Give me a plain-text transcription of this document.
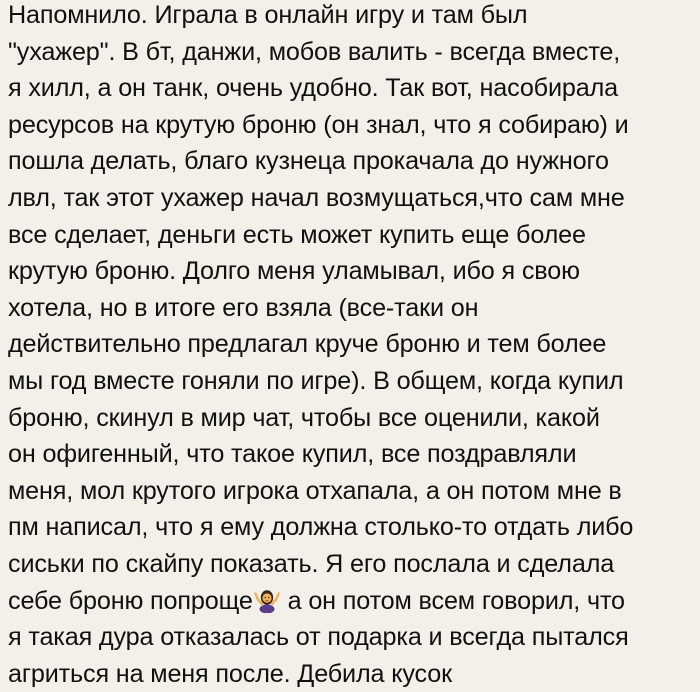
Напомнило. Играла в онлайн игру и там был
"ухажер". В бт, данжи, мобов валить - всегда вместе,
я хилл, а он танк, очень удобно. Так вот, насобирала
ресурсов на крутую броню (он знал, что я собираю) и
пошла делать, благо кузнеца прокачала до нужного
лвл, так этот ухажер начал возмущаться,что сам мне
все сделает, деньги есть может купить еще более
крутую броню. Долго меня уламывал, ибо я свою
хотела, но в итоге его взяла (все-таки он
действительно предлагал круче броню и тем более
мы год вместе гоняли по игре). В общем, когда купил
броню, скинул в мир чат, чтобы все оценили, какой
он офигенный, что такое купил, все поздравляли
меня, мол крутого игрока отхапала, а он потом мне в
пм написал, что я ему должна столько-то отдать либо
сиськи по скайпу показать. Я его послала и сделала
себе броню попроще а он потом всем говорил, что
я такая дура отказалась от подарка и всегда пытался
агриться на меня после. Дебила кусок
